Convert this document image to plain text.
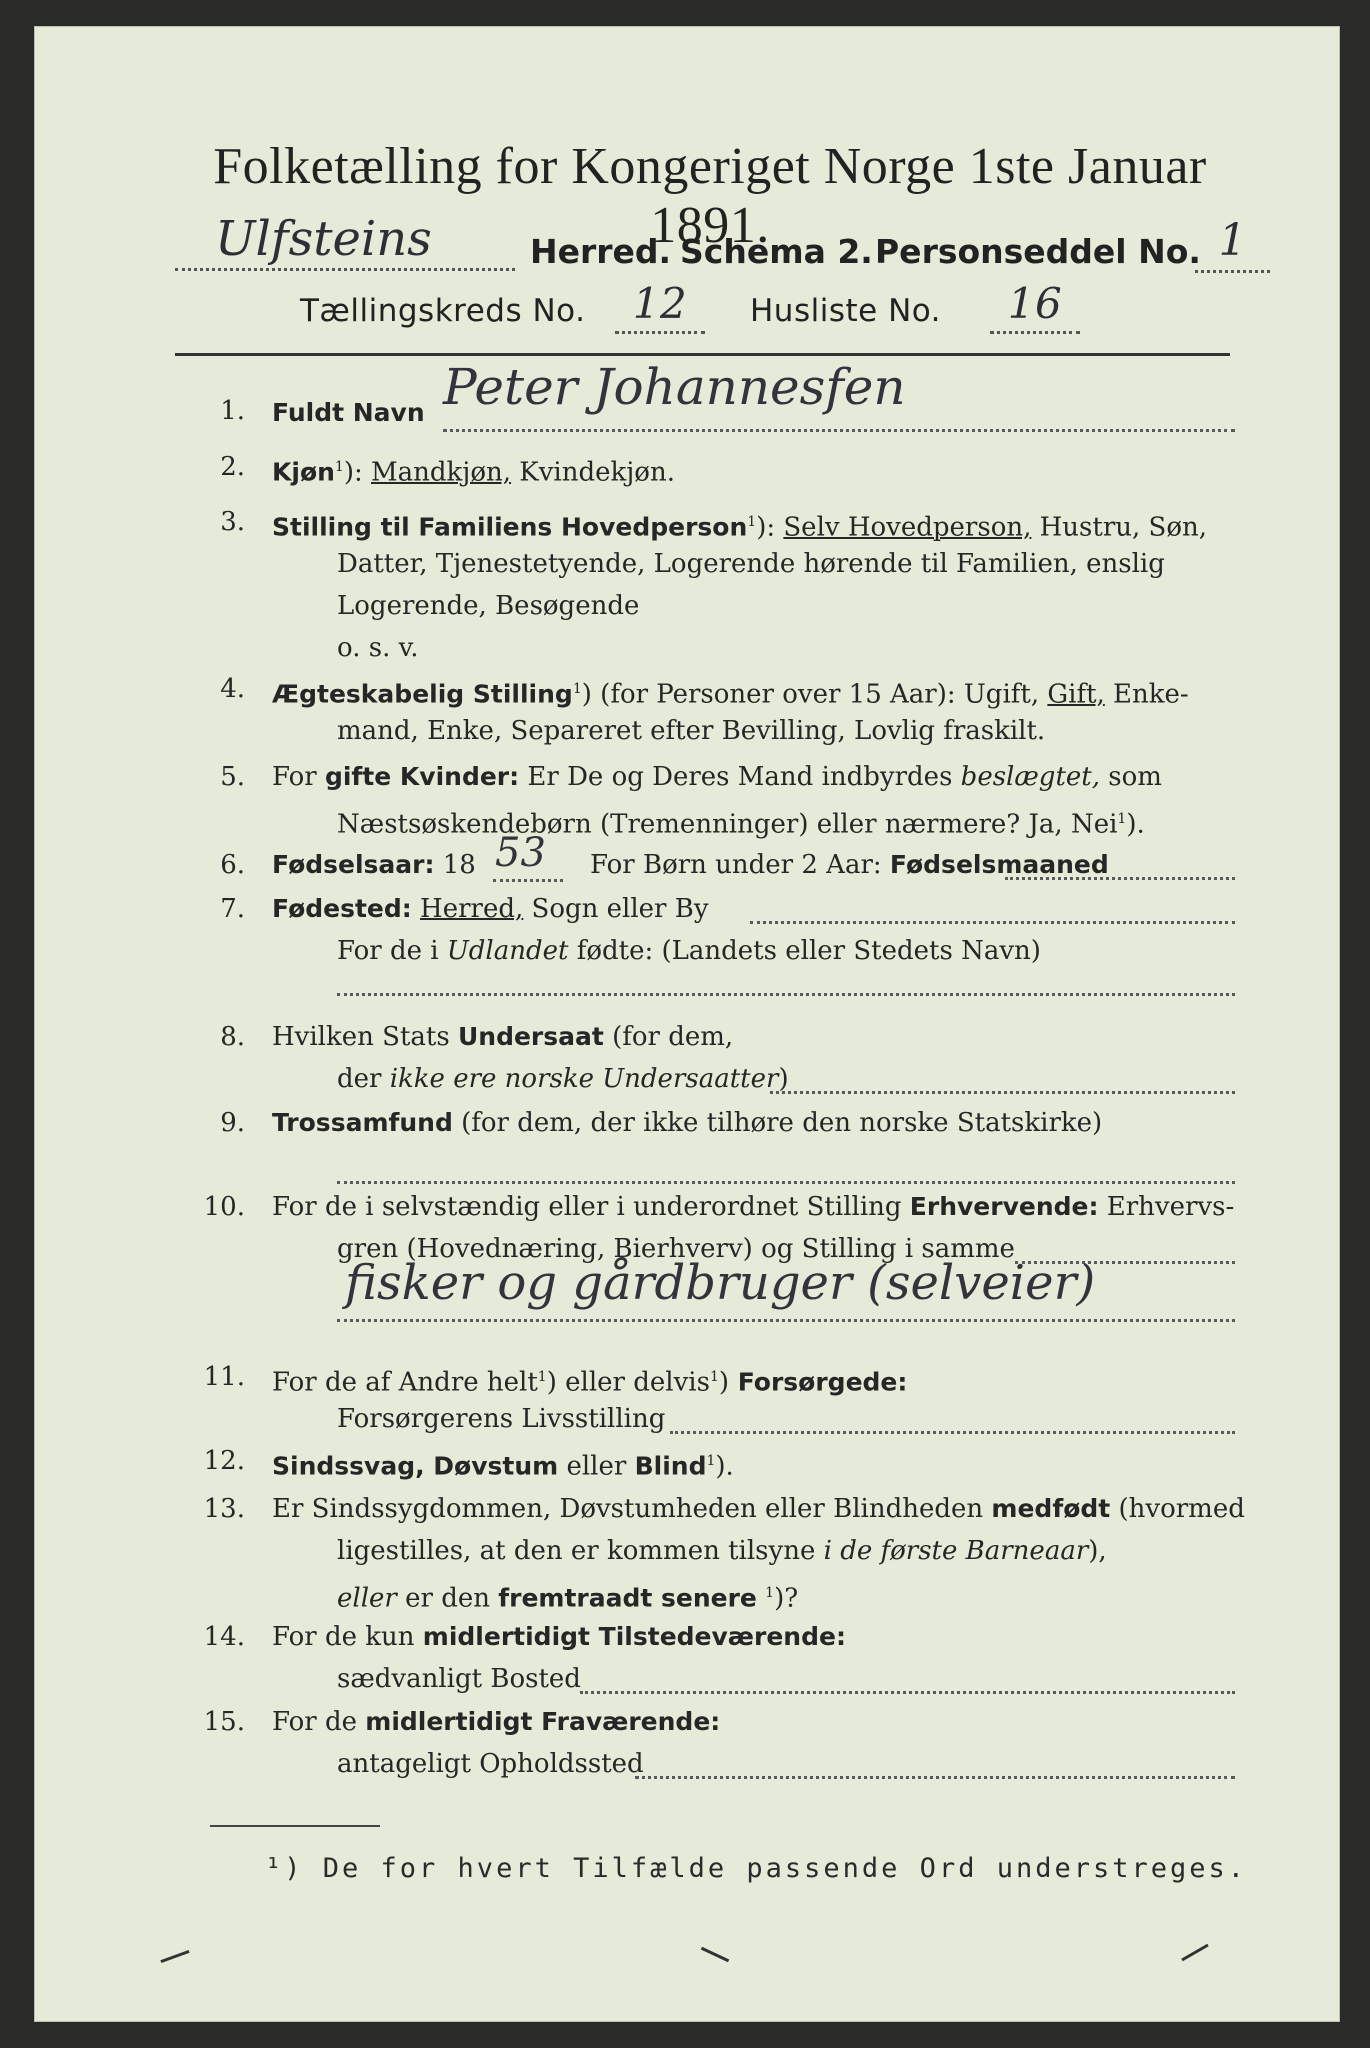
Folketælling for Kongeriget Norge 1ste Januar 1891.
Ulfsteins	Herred. Schema 2. Personseddel No. 1
Tællingskreds No.	12	Husliste No.	16
1. Fuldt Navn Peter Johannesfen
2. Kjøn$^1$): Mandkjøn, Kvindekjøn.
3. Stilling til Familiens Hovedperson$^1$): Selv Hovedperson, Hustru, Søn,
Datter, Tjenestetyende, Logerende hørende til Familien, enslig
Logerende, Besøgende
o. s. v.
4. Ægteskabelig Stilling$^1$) (for Personer over 15 Aar): Ugift, Gift, Enke-
mand, Enke, Separeret efter Bevilling, Lovlig fraskilt.
5. For gifte Kvinder: Er De og Deres Mand indbyrdes beslægtet, som
Næstsøskendebørn (Tremenninger) eller nærmere? Ja, Nei$^1$).
6. Fødselsaar: 18 53 For Børn under 2 Aar: Fødselsmaaned
7. Fødested: Herred, Sogn eller By
For de i Udlandet fødte: (Landets eller Stedets Navn)
8. Hvilken Stats Undersaat (for dem,
der ikke ere norske Undersaatter)
9. Trossamfund (for dem, der ikke tilhøre den norske Statskirke)
10. For de i selvstændig eller i underordnet Stilling Erhvervende: Erhvervs-
gren (Hovednæring, Bierhverv) og Stilling i samme
fisker og gårdbruger (selveier)
11. For de af Andre helt$^1$) eller delvis$^1$) Forsørgede:
Forsørgerens Livsstilling
12. Sindssvag, Døvstum eller Blind$^1$).
13. Er Sindssygdommen, Døvstumheden eller Blindheden medfødt (hvormed
ligestilles, at den er kommen tilsyne i de første Barneaar),
eller er den fremtraadt senere $^1$)?
14. For de kun midlertidigt Tilstedeværende:
sædvanligt Bosted
15. For de midlertidigt Fraværende:
antageligt Opholdssted
¹) De for hvert Tilfælde passende Ord understreges.
